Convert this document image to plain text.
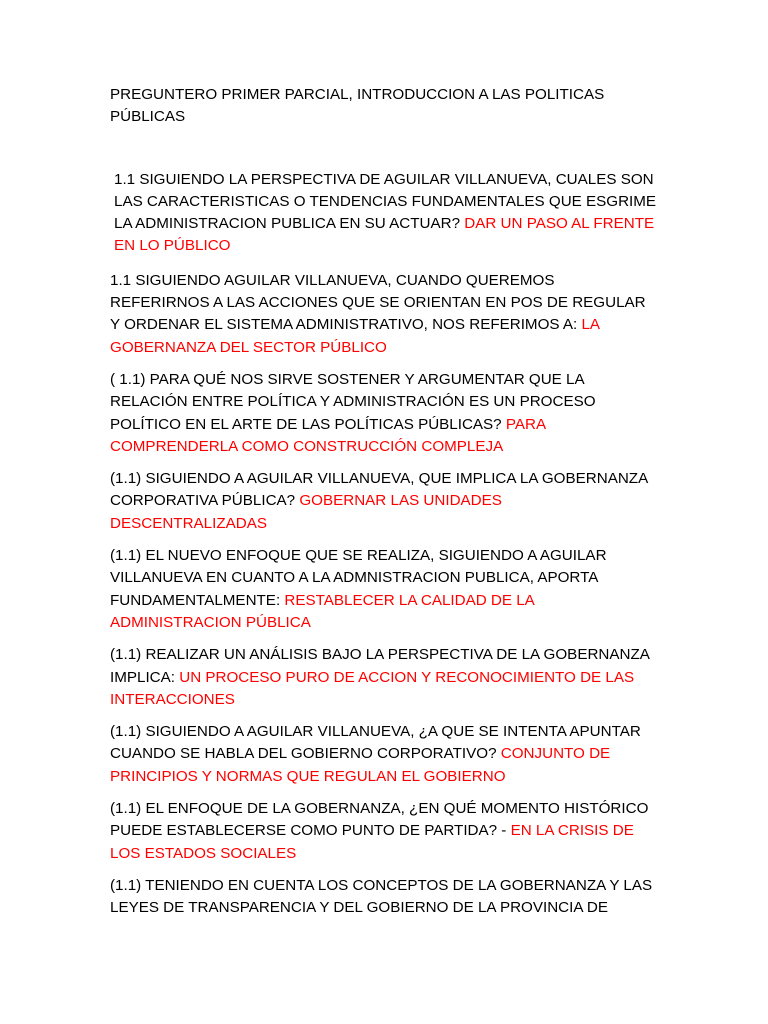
PREGUNTERO PRIMER PARCIAL, INTRODUCCION A LAS POLITICAS PÚBLICAS

1.1 SIGUIENDO LA PERSPECTIVA DE AGUILAR VILLANUEVA, CUALES SON LAS CARACTERISTICAS O TENDENCIAS FUNDAMENTALES QUE ESGRIME LA ADMINISTRACION PUBLICA EN SU ACTUAR? DAR UN PASO AL FRENTE EN LO PÚBLICO

1.1 SIGUIENDO AGUILAR VILLANUEVA, CUANDO QUEREMOS REFERIRNOS A LAS ACCIONES QUE SE ORIENTAN EN POS DE REGULAR Y ORDENAR EL SISTEMA ADMINISTRATIVO, NOS REFERIMOS A: LA GOBERNANZA DEL SECTOR PÚBLICO

( 1.1) PARA QUÉ NOS SIRVE SOSTENER Y ARGUMENTAR QUE LA RELACIÓN ENTRE POLÍTICA Y ADMINISTRACIÓN ES UN PROCESO POLÍTICO EN EL ARTE DE LAS POLÍTICAS PÚBLICAS? PARA COMPRENDERLA COMO CONSTRUCCIÓN COMPLEJA

(1.1) SIGUIENDO A AGUILAR VILLANUEVA, QUE IMPLICA LA GOBERNANZA CORPORATIVA PÚBLICA? GOBERNAR LAS UNIDADES DESCENTRALIZADAS

(1.1) EL NUEVO ENFOQUE QUE SE REALIZA, SIGUIENDO A AGUILAR VILLANUEVA EN CUANTO A LA ADMNISTRACION PUBLICA, APORTA FUNDAMENTALMENTE: RESTABLECER LA CALIDAD DE LA ADMINISTRACION PÚBLICA

(1.1) REALIZAR UN ANÁLISIS BAJO LA PERSPECTIVA DE LA GOBERNANZA IMPLICA: UN PROCESO PURO DE ACCION Y RECONOCIMIENTO DE LAS INTERACCIONES

(1.1) SIGUIENDO A AGUILAR VILLANUEVA, ¿A QUE SE INTENTA APUNTAR CUANDO SE HABLA DEL GOBIERNO CORPORATIVO? CONJUNTO DE PRINCIPIOS Y NORMAS QUE REGULAN EL GOBIERNO

(1.1) EL ENFOQUE DE LA GOBERNANZA, ¿EN QUÉ MOMENTO HISTÓRICO PUEDE ESTABLECERSE COMO PUNTO DE PARTIDA? - EN LA CRISIS DE LOS ESTADOS SOCIALES

(1.1) TENIENDO EN CUENTA LOS CONCEPTOS DE LA GOBERNANZA Y LAS LEYES DE TRANSPARENCIA Y DEL GOBIERNO DE LA PROVINCIA DE
